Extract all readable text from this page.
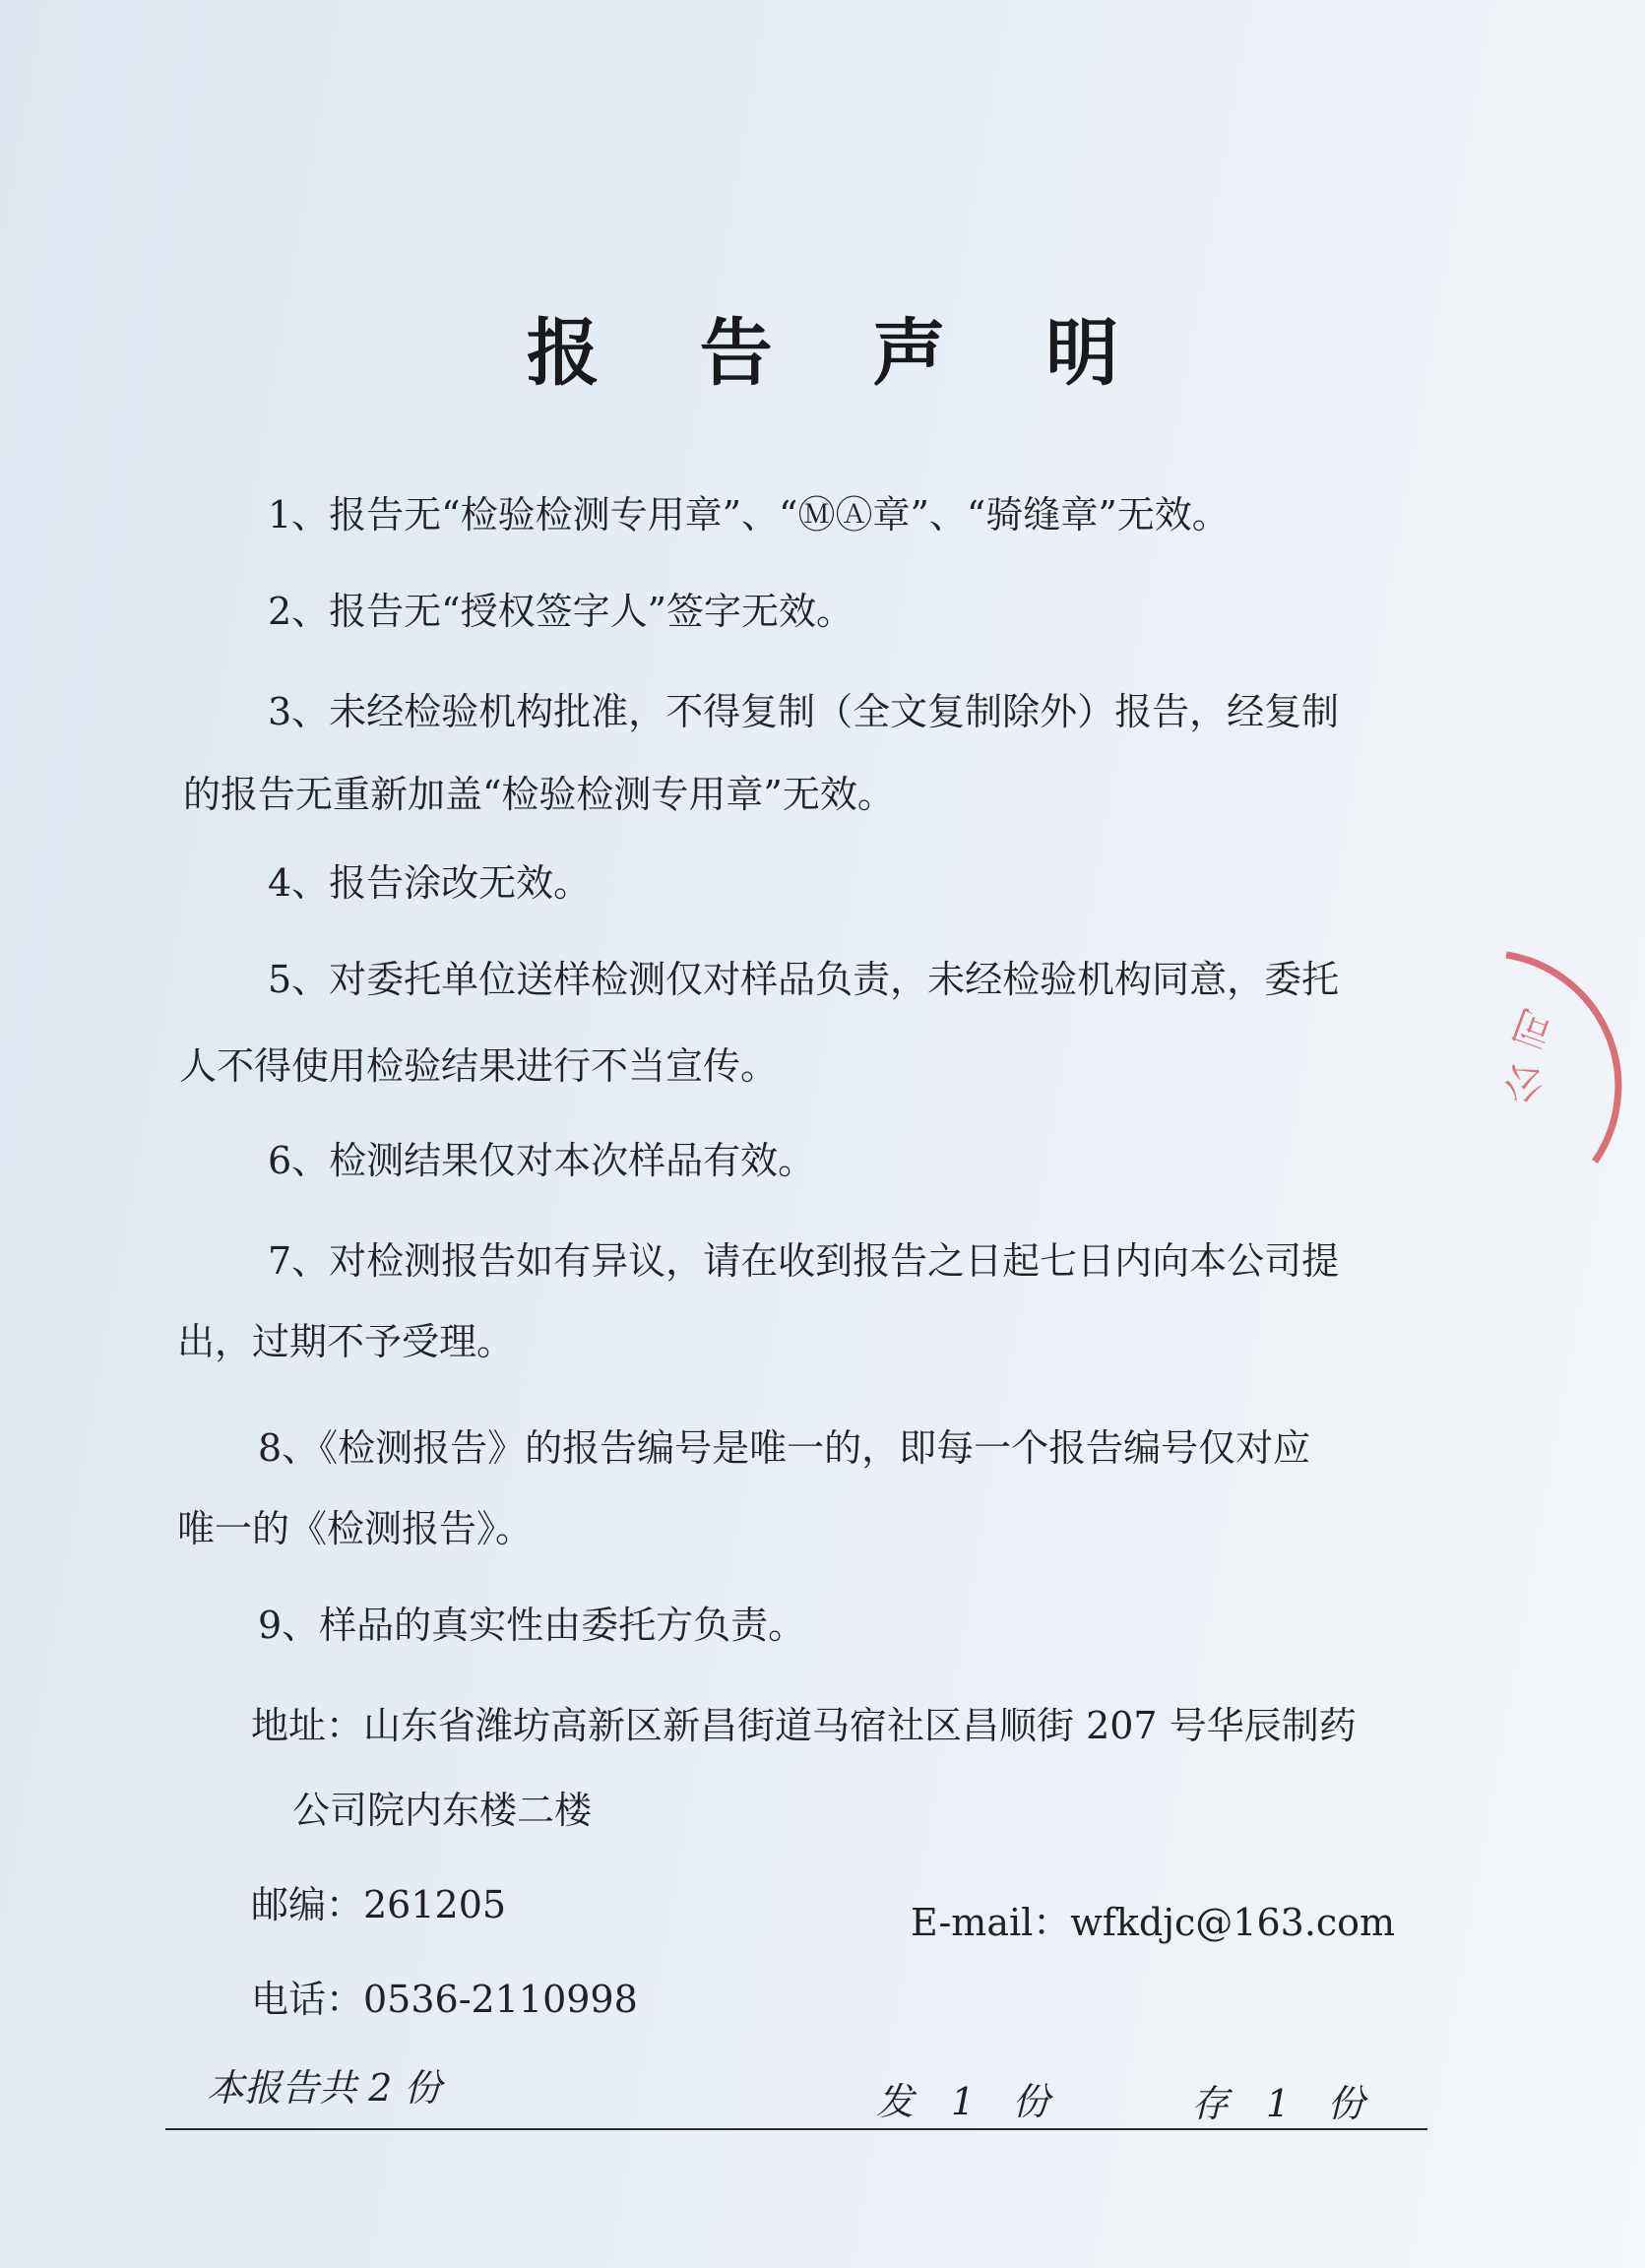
报 告 声 明
1、报告无“检验检测专用章”、“ⓂⒶ章”、“骑缝章”无效。
2、报告无“授权签字人”签字无效。
3、未经检验机构批准，不得复制（全文复制除外）报告，经复制
的报告无重新加盖“检验检测专用章”无效。
4、报告涂改无效。
5、对委托单位送样检测仅对样品负责，未经检验机构同意，委托
人不得使用检验结果进行不当宣传。
6、检测结果仅对本次样品有效。
7、对检测报告如有异议，请在收到报告之日起七日内向本公司提
出，过期不予受理。
8、《检测报告》的报告编号是唯一的，即每一个报告编号仅对应
唯一的《检测报告》。
9、样品的真实性由委托方负责。
地址：山东省潍坊高新区新昌街道马宿社区昌顺街 207 号华辰制药
公司院内东楼二楼
邮编：261205	E-mail：wfkdjc@163.com
电话：0536-2110998
本报告共 2 份	发 1 份	存 1 份
司
公
